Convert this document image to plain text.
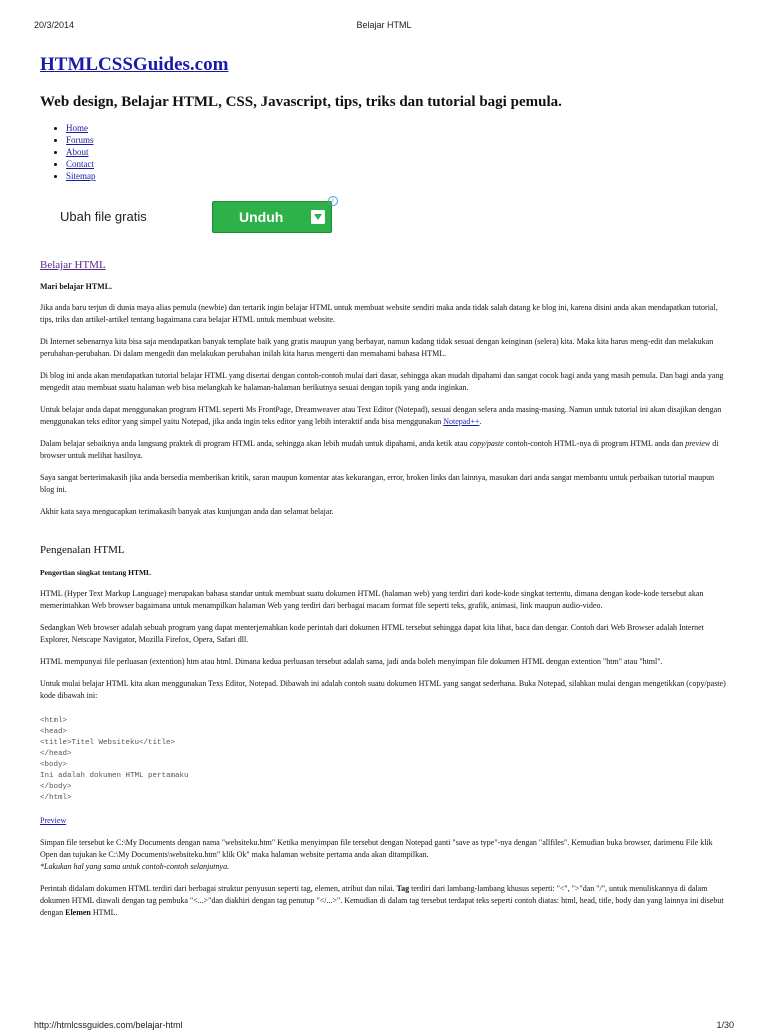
20/3/2014	Belajar HTML
HTMLCSSGuides.com
Web design, Belajar HTML, CSS, Javascript, tips, triks dan tutorial bagi pemula.
• Home
• Forums
• About
• Contact
• Sitemap
Ubah file gratis	Unduh
i
Belajar HTML
Mari belajar HTML.

Jika anda baru terjun di dunia maya alias pemula (newbie) dan tertarik ingin belajar HTML untuk membuat website sendiri maka anda tidak salah datang ke blog ini, karena disini anda akan mendapatkan tutorial, tips, triks dan artikel-artikel tentang bagaimana cara belajar HTML untuk membuat website.

Di Internet sebenarnya kita bisa saja mendapatkan banyak template baik yang gratis maupun yang berbayar, namun kadang tidak sesuai dengan keinginan (selera) kita. Maka kita harus meng-edit dan melakukan perubahan-perubahan. Di dalam mengedit dan melakukan perubahan inilah kita harus mengerti dan memahami bahasa HTML.

Di blog ini anda akan mendapatkan tutorial belajar HTML yang disertai dengan contoh-contoh mulai dari dasar, sehingga akan mudah dipahami dan sangat cocok bagi anda yang masih pemula. Dan bagi anda yang mengedit atau membuat suatu halaman web bisa melangkah ke halaman-halaman berikutnya sesuai dengan topik yang anda inginkan.

Untuk belajar anda dapat menggunakan program HTML seperti Ms FrontPage, Dreamweaver atau Text Editor (Notepad), sesuai dengan selera anda masing-masing. Namun untuk tutorial ini akan disajikan dengan menggunakan teks editor yang simpel yaitu Notepad, jika anda ingin teks editor yang lebih interaktif anda bisa menggunakan Notepad++.

Dalam belajar sebaiknya anda langsung praktek di program HTML anda, sehingga akan lebih mudah untuk dipahami, anda ketik atau copy/paste contoh-contoh HTML-nya di program HTML anda dan preview di browser untuk melihat hasilnya.

Saya sangat berterimakasih jika anda bersedia memberikan kritik, saran maupun komentar atas kekurangan, error, broken links dan lainnya, masukan dari anda sangat membantu untuk perbaikan tutorial maupun blog ini.

Akhir kata saya mengucapkan terimakasih banyak atas kunjungan anda dan selamat belajar.

Pengenalan HTML
Pengertian singkat tentang HTML

HTML (Hyper Text Markup Language) merupakan bahasa standar untuk membuat suatu dokumen HTML (halaman web) yang terdiri dari kode-kode singkat tertentu, dimana dengan kode-kode tersebut akan memerintahkan Web browser bagaimana untuk menampilkan halaman Web yang terdiri dari berbagai macam format file seperti teks, grafik, animasi, link maupun audio-video.

Sedangkan Web browser adalah sebuah program yang dapat menterjemahkan kode perintah dari dokumen HTML tersebut sehingga dapat kita lihat, baca dan dengar. Contoh dari Web Browser adalah Internet Explorer, Netscape Navigator, Mozilla Firefox, Opera, Safari dll.

HTML mempunyai file perluasan (extention) htm atau html. Dimana kedua perluasan tersebut adalah sama, jadi anda boleh menyimpan file dokumen HTML dengan extention "htm" atau "html".

Untuk mulai belajar HTML kita akan menggunakan Texs Editor, Notepad. Dibawah ini adalah contoh suatu dokumen HTML yang sangat sederhana. Buka Notepad, silahkan mulai dengan mengetikkan (copy/paste) kode dibawah ini:

<html>
<head>
<title>Titel Websiteku</title>
</head>
<body>
Ini adalah dokumen HTML pertamaku
</body>
</html>
Preview

Simpan file tersebut ke C:\My Documents dengan nama "websiteku.htm" Ketika menyimpan file tersebut dengan Notepad ganti "save as type"-nya dengan "allfiles". Kemudian buka browser, darimenu File klik Open dan tujukan ke C:\My Documents\websiteku.htm" klik Ok" maka halaman website pertama anda akan ditampilkan.
*Lakukan hal yang sama untuk contoh-contoh selanjutnya.

Perintah didalam dokumen HTML terdiri dari berbagai struktur penyusun seperti tag, elemen, atribut dan nilai. Tag terdiri dari lambang-lambang khusus seperti: "<", ">"dan "/", untuk menuliskannya di dalam dokumen HTML diawali dengan tag pembuka "<...>"dan diakhiri dengan tag penutup "</...>". Kemudian di dalam tag tersebut terdapat teks seperti contoh diatas: html, head, title, body dan yang lainnya ini disebut dengan Elemen HTML.

http://htmlcssguides.com/belajar-html	1/30
